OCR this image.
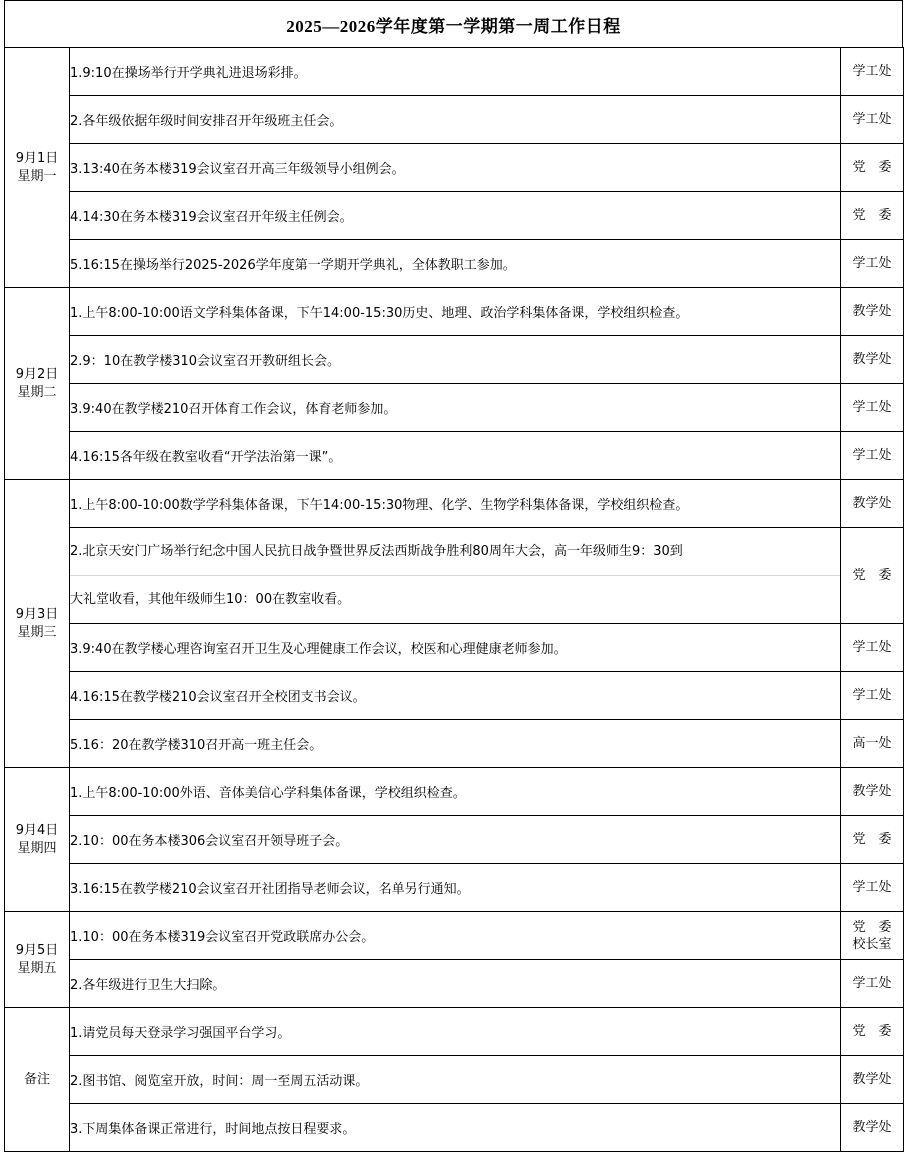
2025—2026学年度第一学期第一周工作日程
9月1日
星期一	1.9:10在操场举行开学典礼进退场彩排。	学工处
	2.各年级依据年级时间安排召开年级班主任会。	学工处
	3.13:40在务本楼319会议室召开高三年级领导小组例会。	党　委
	4.14:30在务本楼319会议室召开年级主任例会。	党　委
	5.16:15在操场举行2025-2026学年度第一学期开学典礼，全体教职工参加。	学工处

9月2日
星期二	1.上午8:00-10:00语文学科集体备课，下午14:00-15:30历史、地理、政治学科集体备课，学校组织检查。	教学处
	2.9：10在教学楼310会议室召开教研组长会。	教学处
	3.9:40在教学楼210召开体育工作会议，体育老师参加。	学工处
	4.16:15各年级在教室收看“开学法治第一课”。	学工处

9月3日
星期三	1.上午8:00-10:00数学学科集体备课，下午14:00-15:30物理、化学、生物学科集体备课，学校组织检查。	教学处

	2.北京天安门广场举行纪念中国人民抗日战争暨世界反法西斯战争胜利80周年大会，高一年级师生9：30到
大礼堂收看，其他年级师生10：00在教室收看。	党　委
	3.9:40在教学楼心理咨询室召开卫生及心理健康工作会议，校医和心理健康老师参加。	学工处
	4.16:15在教学楼210会议室召开全校团支书会议。	学工处
	5.16：20在教学楼310召开高一班主任会。	高一处

9月4日
星期四	1.上午8:00-10:00外语、音体美信心学科集体备课，学校组织检查。	教学处
	2.10：00在务本楼306会议室召开领导班子会。	党　委
	3.16:15在教学楼210会议室召开社团指导老师会议，名单另行通知。	学工处

9月5日
星期五	1.10：00在务本楼319会议室召开党政联席办公会。	党　委
校长室

	2.各年级进行卫生大扫除。	学工处
备注	1.请党员每天登录学习强国平台学习。	党　委
	2.图书馆、阅览室开放，时间：周一至周五活动课。	教学处
	3.下周集体备课正常进行，时间地点按日程要求。	教学处
